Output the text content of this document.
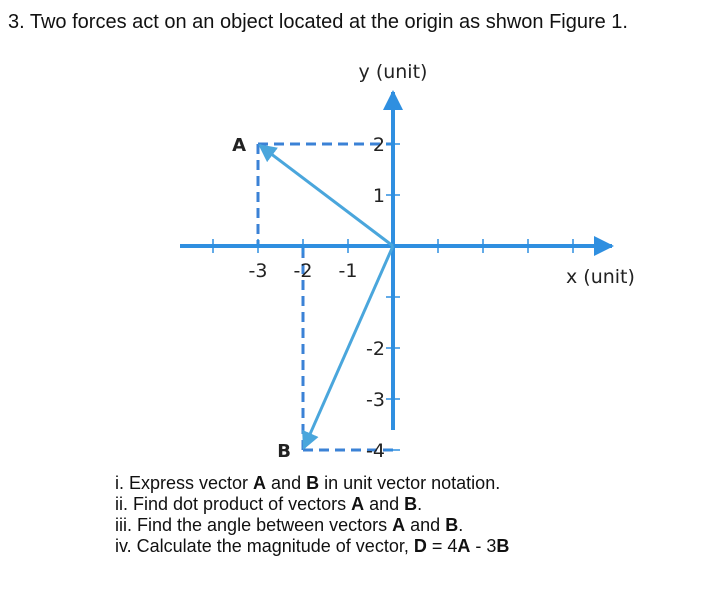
3. Two forces act on an object located at the origin as shwon Figure 1.
y (unit)
x (unit)
-3 -2 -1
2
1
-2
-3
-4
A
B
i. Express vector A and B in unit vector notation.
ii. Find dot product of vectors A and B.
iii. Find the angle between vectors A and B.
iv. Calculate the magnitude of vector, D = 4A - 3B
